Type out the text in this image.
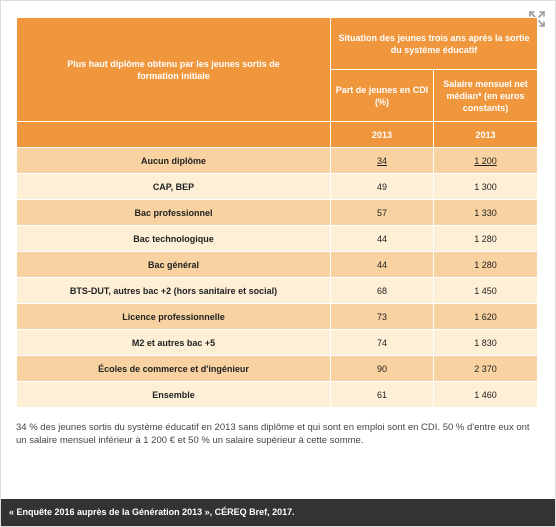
Plus haut diplôme obtenu par les jeunes sortis de formation initiale	Situation des jeunes trois ans après la sortie du système éducatif	
	Part de jeunes en CDI (%)	Salaire mensuel net médian* (en euros constants)
	2013	2013
Aucun diplôme	34	1 200
CAP, BEP	49	1 300
Bac professionnel	57	1 330
Bac technologique	44	1 280
Bac général	44	1 280
BTS-DUT, autres bac +2 (hors sanitaire et social)	68	1 450
Licence professionnelle	73	1 620
M2 et autres bac +5	74	1 830
Écoles de commerce et d'ingénieur	90	2 370
Ensemble	61	1 460
34 % des jeunes sortis du système éducatif en 2013 sans diplôme et qui sont en emploi sont en CDI. 50 % d'entre eux ont un salaire mensuel inférieur à 1 200 € et 50 % un salaire supérieur à cette somme.
« Enquête 2016 auprès de la Génération 2013 », CÉREQ Bref, 2017.
